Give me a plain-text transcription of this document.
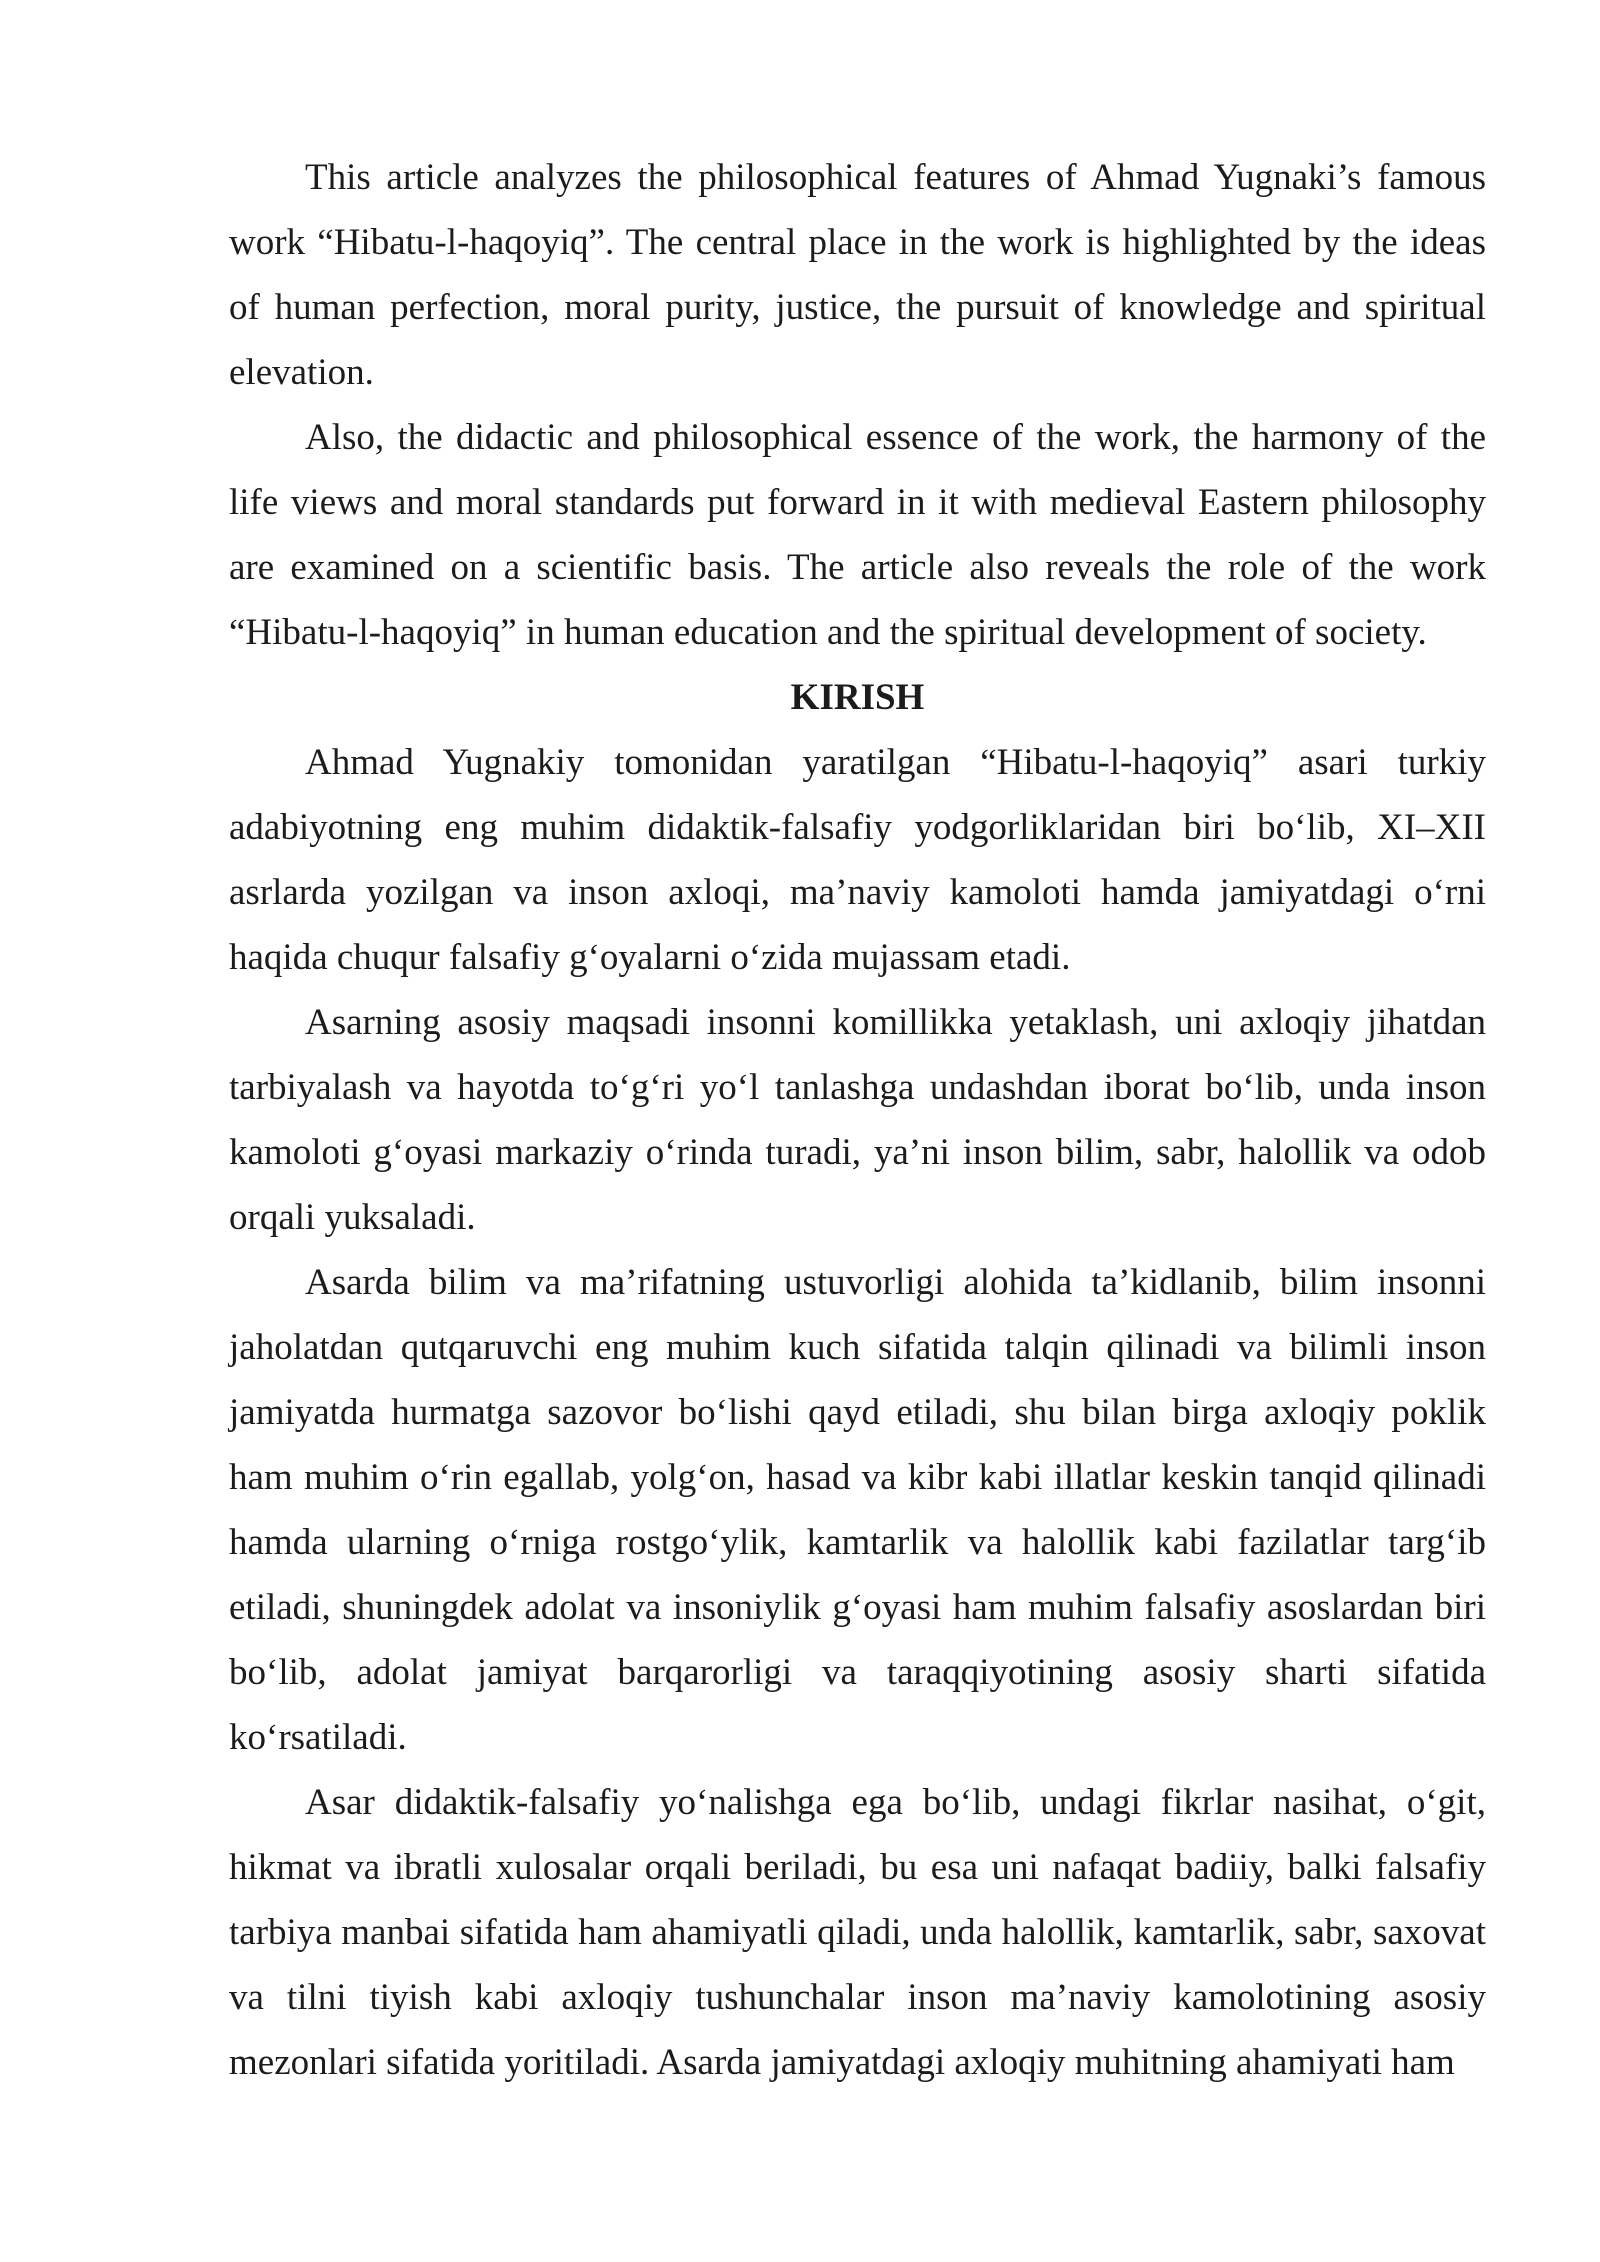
This article analyzes the philosophical features of Ahmad Yugnaki’s famous work “Hibatu-l-haqoyiq”. The central place in the work is highlighted by the ideas of human perfection, moral purity, justice, the pursuit of knowledge and spiritual elevation.

Also, the didactic and philosophical essence of the work, the harmony of the life views and moral standards put forward in it with medieval Eastern philosophy are examined on a scientific basis. The article also reveals the role of the work “Hibatu-l-haqoyiq” in human education and the spiritual development of society.

KIRISH

Ahmad Yugnakiy tomonidan yaratilgan “Hibatu-l-haqoyiq” asari turkiy adabiyotning eng muhim didaktik-falsafiy yodgorliklaridan biri boʻlib, XI–XII asrlarda yozilgan va inson axloqi, maʼnaviy kamoloti hamda jamiyatdagi oʻrni haqida chuqur falsafiy gʻoyalarni oʻzida mujassam etadi.

Asarning asosiy maqsadi insonni komillikka yetaklash, uni axloqiy jihatdan tarbiyalash va hayotda toʻgʻri yoʻl tanlashga undashdan iborat boʻlib, unda inson kamoloti gʻoyasi markaziy oʻrinda turadi, yaʼni inson bilim, sabr, halollik va odob orqali yuksaladi.

Asarda bilim va maʼrifatning ustuvorligi alohida taʼkidlanib, bilim insonni jaholatdan qutqaruvchi eng muhim kuch sifatida talqin qilinadi va bilimli inson jamiyatda hurmatga sazovor boʻlishi qayd etiladi, shu bilan birga axloqiy poklik ham muhim oʻrin egallab, yolgʻon, hasad va kibr kabi illatlar keskin tanqid qilinadi hamda ularning oʻrniga rostgoʻylik, kamtarlik va halollik kabi fazilatlar targʻib etiladi, shuningdek adolat va insoniylik gʻoyasi ham muhim falsafiy asoslardan biri boʻlib, adolat jamiyat barqarorligi va taraqqiyotining asosiy sharti sifatida koʻrsatiladi.

Asar didaktik-falsafiy yoʻnalishga ega boʻlib, undagi fikrlar nasihat, oʻgit, hikmat va ibratli xulosalar orqali beriladi, bu esa uni nafaqat badiiy, balki falsafiy tarbiya manbai sifatida ham ahamiyatli qiladi, unda halollik, kamtarlik, sabr, saxovat va tilni tiyish kabi axloqiy tushunchalar inson maʼnaviy kamolotining asosiy mezonlari sifatida yoritiladi. Asarda jamiyatdagi axloqiy muhitning ahamiyati ham
